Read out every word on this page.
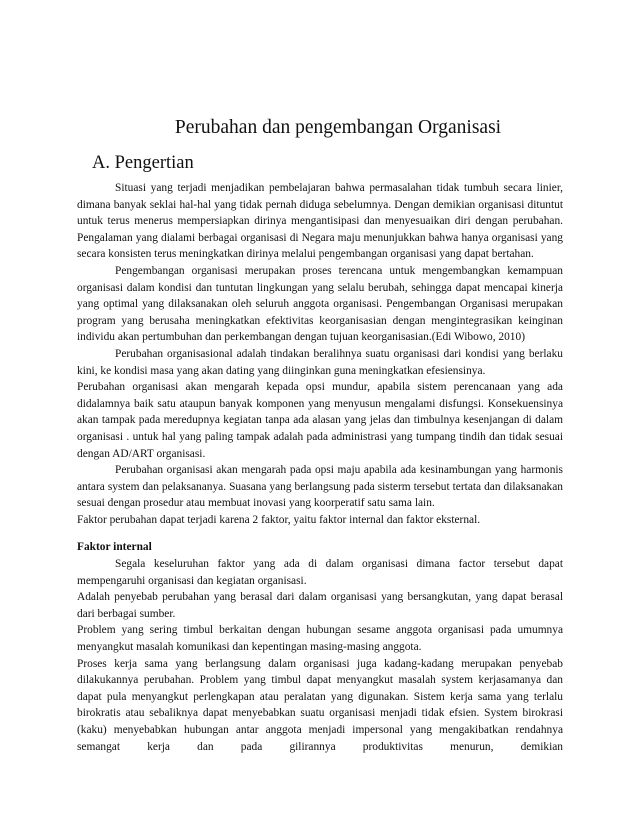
Perubahan dan pengembangan Organisasi
A. Pengertian

Situasi yang terjadi menjadikan pembelajaran bahwa permasalahan tidak tumbuh secara linier, dimana banyak seklai hal-hal yang tidak pernah diduga sebelumnya. Dengan demikian organisasi dituntut untuk terus menerus mempersiapkan dirinya mengantisipasi dan menyesuaikan diri dengan perubahan. Pengalaman yang dialami berbagai organisasi di Negara maju menunjukkan bahwa hanya organisasi yang secara konsisten terus meningkatkan dirinya melalui pengembangan organisasi yang dapat bertahan.

Pengembangan organisasi merupakan proses terencana untuk mengembangkan kemampuan organisasi dalam kondisi dan tuntutan lingkungan yang selalu berubah, sehingga dapat mencapai kinerja yang optimal yang dilaksanakan oleh seluruh anggota organisasi. Pengembangan Organisasi merupakan program yang berusaha meningkatkan efektivitas keorganisasian dengan mengintegrasikan keinginan individu akan pertumbuhan dan perkembangan dengan tujuan keorganisasian.(Edi Wibowo, 2010)

Perubahan organisasional adalah tindakan beralihnya suatu organisasi dari kondisi yang berlaku kini, ke kondisi masa yang akan dating yang diinginkan guna meningkatkan efesiensinya.

Perubahan organisasi akan mengarah kepada opsi mundur, apabila sistem perencanaan yang ada didalamnya baik satu ataupun banyak komponen yang menyusun mengalami disfungsi. Konsekuensinya akan tampak pada meredupnya kegiatan tanpa ada alasan yang jelas dan timbulnya kesenjangan di dalam organisasi . untuk hal yang paling tampak adalah pada administrasi yang tumpang tindih dan tidak sesuai dengan AD/ART organisasi.

Perubahan organisasi akan mengarah pada opsi maju apabila ada kesinambungan yang harmonis antara system dan pelaksananya. Suasana yang berlangsung pada sisterm tersebut tertata dan dilaksanakan sesuai dengan prosedur atau membuat inovasi yang koorperatif satu sama lain.

Faktor perubahan dapat terjadi karena 2 faktor, yaitu faktor internal dan faktor eksternal.

Faktor internal

Segala keseluruhan faktor yang ada di dalam organisasi dimana factor tersebut dapat mempengaruhi organisasi dan kegiatan organisasi.

Adalah penyebab perubahan yang berasal dari dalam organisasi yang bersangkutan, yang dapat berasal dari berbagai sumber.

Problem yang sering timbul berkaitan dengan hubungan sesame anggota organisasi pada umumnya menyangkut masalah komunikasi dan kepentingan masing-masing anggota.

Proses kerja sama yang berlangsung dalam organisasi juga kadang-kadang merupakan penyebab dilakukannya perubahan. Problem yang timbul dapat menyangkut masalah system kerjasamanya dan dapat pula menyangkut perlengkapan atau peralatan yang digunakan. Sistem kerja sama yang terlalu birokratis atau sebaliknya dapat menyebabkan suatu organisasi menjadi tidak efsien. System birokrasi (kaku) menyebabkan hubungan antar anggota menjadi impersonal yang mengakibatkan rendahnya semangat kerja dan pada gilirannya produktivitas menurun, demikian
